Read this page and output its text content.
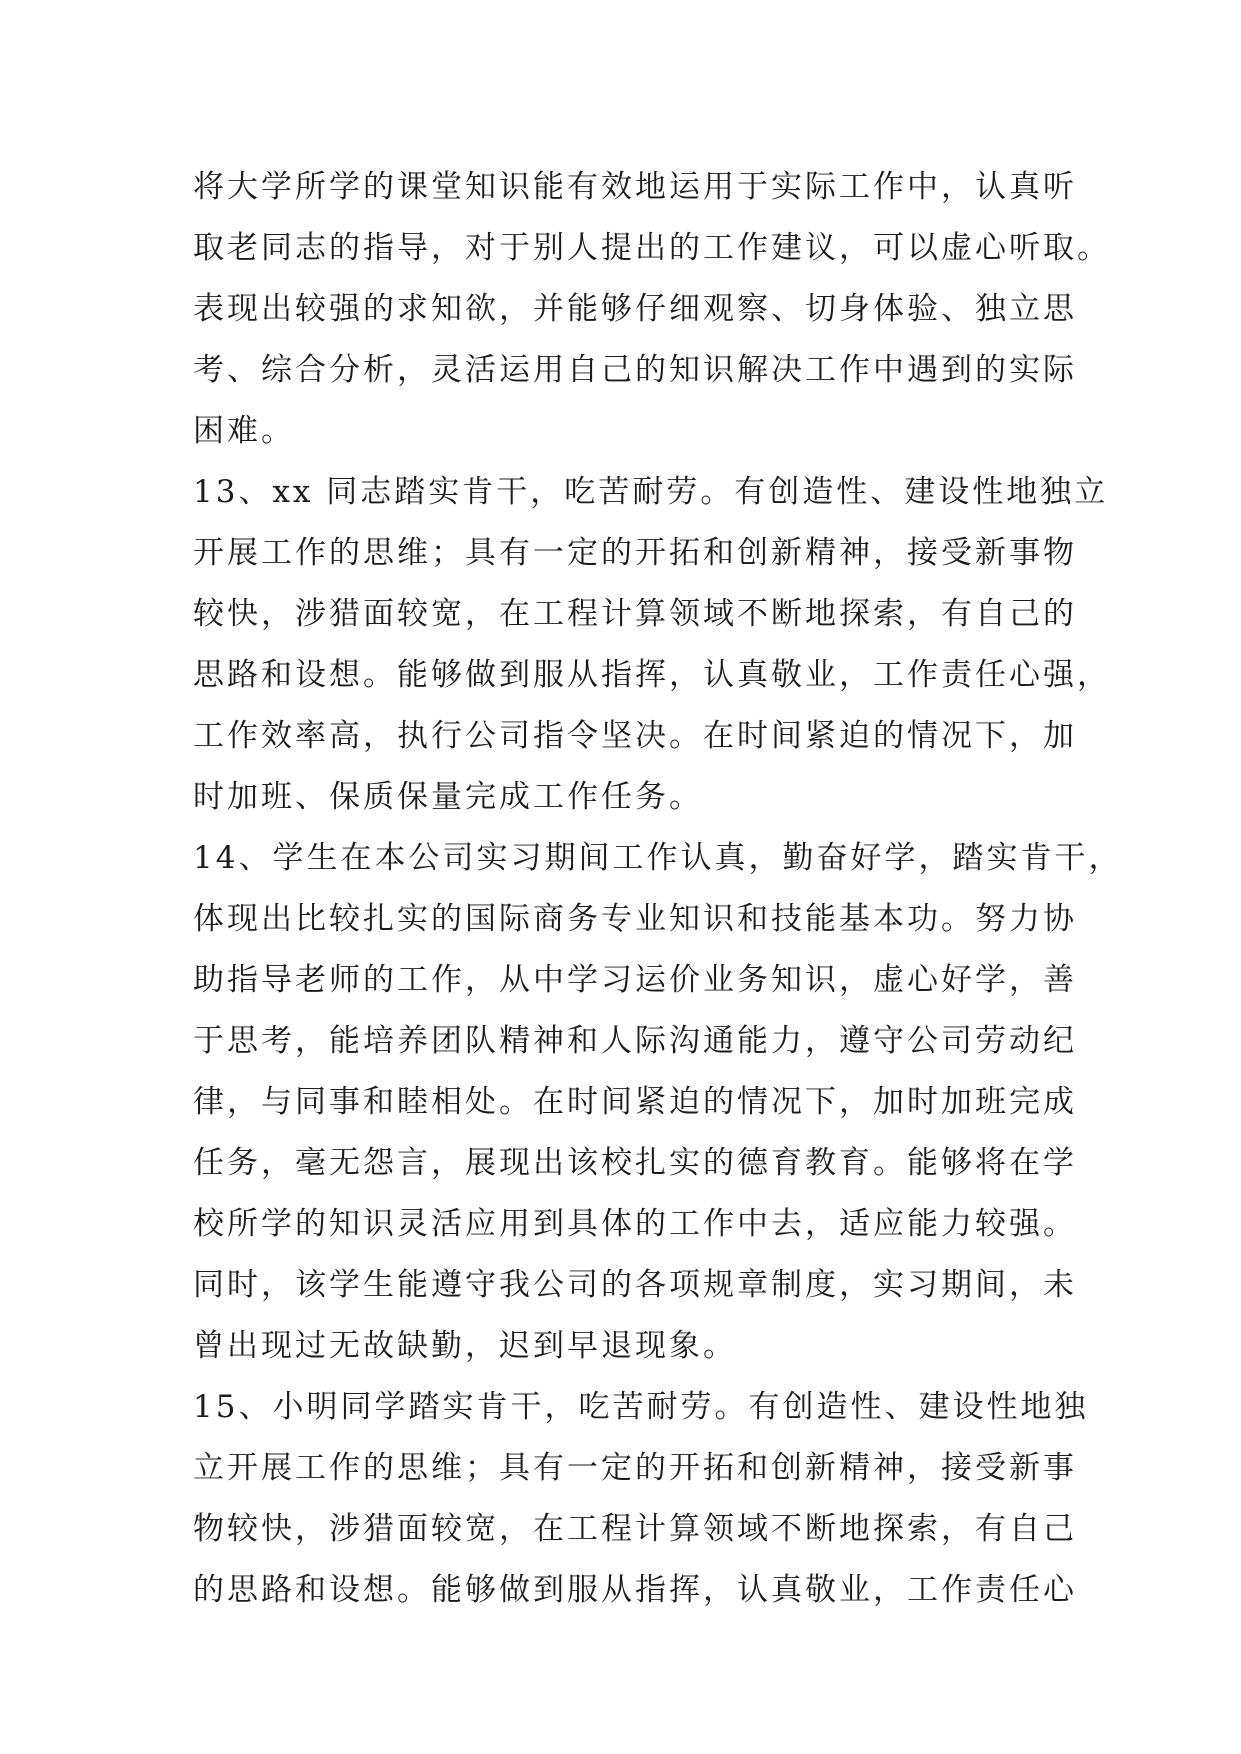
将大学所学的课堂知识能有效地运用于实际工作中，认真听
取老同志的指导，对于别人提出的工作建议，可以虚心听取。
表现出较强的求知欲，并能够仔细观察、切身体验、独立思
考、综合分析，灵活运用自己的知识解决工作中遇到的实际
困难。
13、xx 同志踏实肯干，吃苦耐劳。有创造性、建设性地独立
开展工作的思维；具有一定的开拓和创新精神，接受新事物
较快，涉猎面较宽，在工程计算领域不断地探索，有自己的
思路和设想。能够做到服从指挥，认真敬业，工作责任心强，
工作效率高，执行公司指令坚决。在时间紧迫的情况下，加
时加班、保质保量完成工作任务。
14、学生在本公司实习期间工作认真，勤奋好学，踏实肯干，
体现出比较扎实的国际商务专业知识和技能基本功。努力协
助指导老师的工作，从中学习运价业务知识，虚心好学，善
于思考，能培养团队精神和人际沟通能力，遵守公司劳动纪
律，与同事和睦相处。在时间紧迫的情况下，加时加班完成
任务，毫无怨言，展现出该校扎实的德育教育。能够将在学
校所学的知识灵活应用到具体的工作中去，适应能力较强。
同时，该学生能遵守我公司的各项规章制度，实习期间，未
曾出现过无故缺勤，迟到早退现象。
15、小明同学踏实肯干，吃苦耐劳。有创造性、建设性地独
立开展工作的思维；具有一定的开拓和创新精神，接受新事
物较快，涉猎面较宽，在工程计算领域不断地探索，有自己
的思路和设想。能够做到服从指挥，认真敬业，工作责任心
